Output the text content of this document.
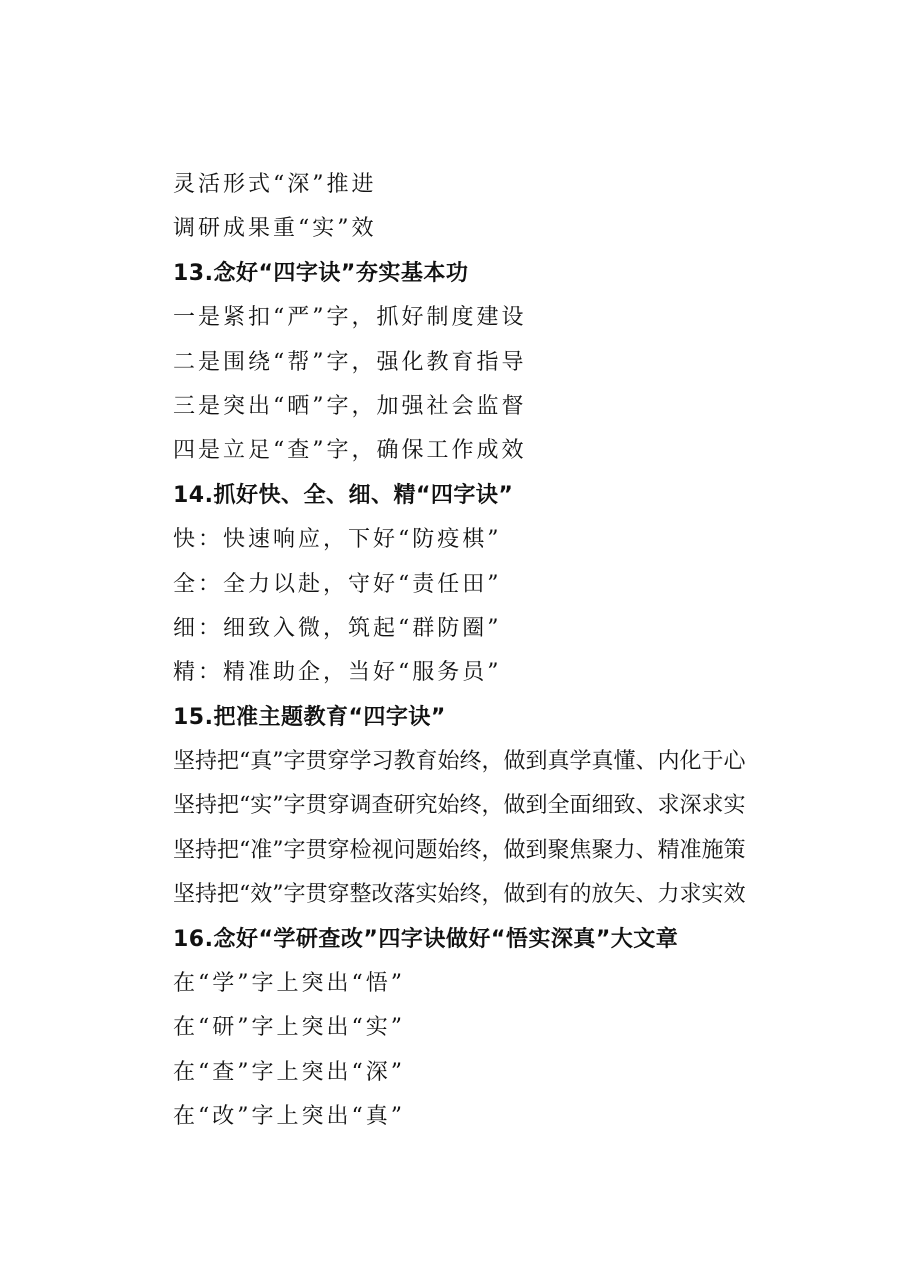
灵活形式“深”推进
调研成果重“实”效
13.念好“四字诀”夯实基本功
一是紧扣“严”字，抓好制度建设
二是围绕“帮”字，强化教育指导
三是突出“晒”字，加强社会监督
四是立足“查”字，确保工作成效
14.抓好快、全、细、精“四字诀”
快：快速响应，下好“防疫棋”
全：全力以赴，守好“责任田”
细：细致入微，筑起“群防圈”
精：精准助企，当好“服务员”
15.把准主题教育“四字诀”
坚持把“真”字贯穿学习教育始终，做到真学真懂、内化于心
坚持把“实”字贯穿调查研究始终，做到全面细致、求深求实
坚持把“准”字贯穿检视问题始终，做到聚焦聚力、精准施策
坚持把“效”字贯穿整改落实始终，做到有的放矢、力求实效
16.念好“学研查改”四字诀做好“悟实深真”大文章
在“学”字上突出“悟”
在“研”字上突出“实”
在“查”字上突出“深”
在“改”字上突出“真”
